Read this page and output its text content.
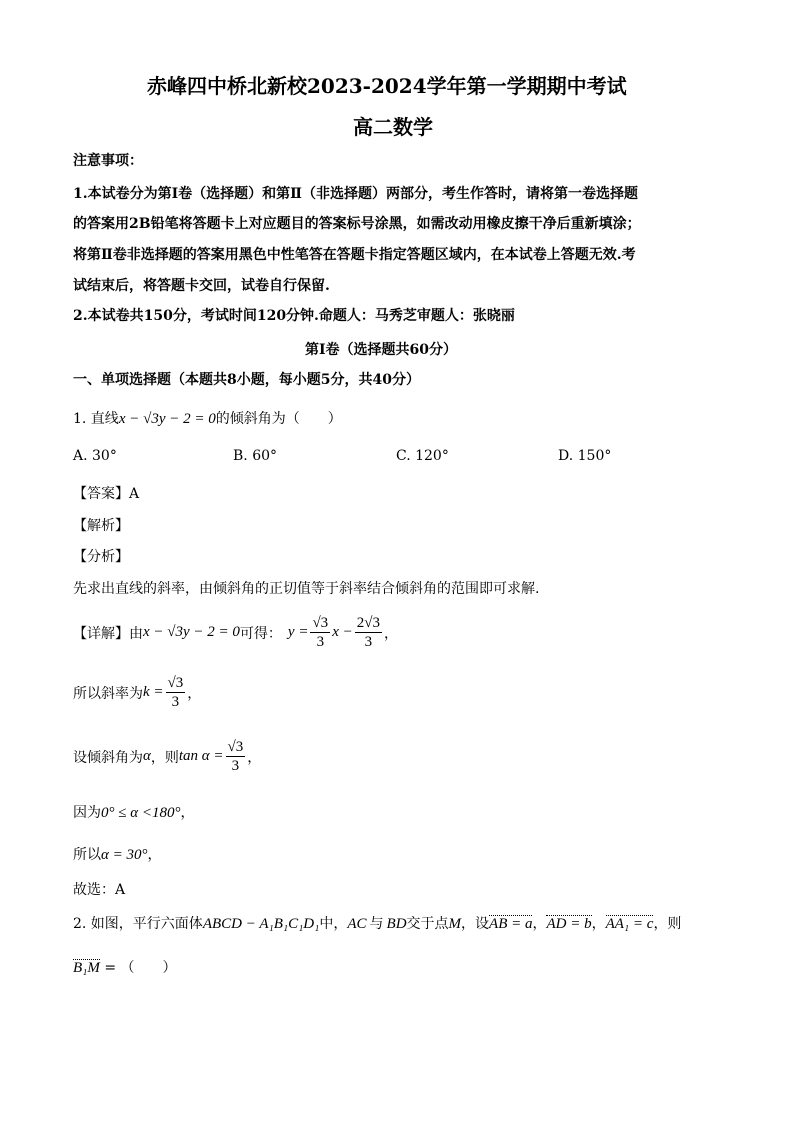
赤峰四中桥北新校2023-2024学年第一学期期中考试
高二数学
注意事项：
1.本试卷分为第Ⅰ卷（选择题）和第Ⅱ（非选择题）两部分，考生作答时，请将第一卷选择题
的答案用2B铅笔将答题卡上对应题目的答案标号涂黑，如需改动用橡皮擦干净后重新填涂；
将第Ⅱ卷非选择题的答案用黑色中性笔答在答题卡指定答题区域内，在本试卷上答题无效.考
试结束后，将答题卡交回，试卷自行保留.
2.本试卷共150分，考试时间120分钟.命题人：马秀芝审题人：张晓丽
第Ⅰ卷（选择题共60分）
一、单项选择题（本题共8小题，每小题5分，共40分）
1. 直线x − √3y − 2 = 0的倾斜角为（　　）
A. 30°	B. 60°	C. 120°	D. 150°
【答案】A
【解析】
【分析】
先求出直线的斜率，由倾斜角的正切值等于斜率结合倾斜角的范围即可求解.
【详解】 由 x − √3y − 2 = 0 可得： $y = \frac{√3}{3}$ $x - \frac{2√3}{3}$ ，
所以斜率为 $k = \frac{√3}{3}$ ，
设倾斜角为 α ，则 $\tan \alpha = \frac{√3}{3}$ ，
因为0° ≤ α <180°，
所以α = 30°，
故选：A
2. 如图，平行六面体ABCD − A₁B₁C₁D₁中，AC 与 BD交于点M，设AB = a，AD = b，AA₁ = c，则
B₁M = （　　）
